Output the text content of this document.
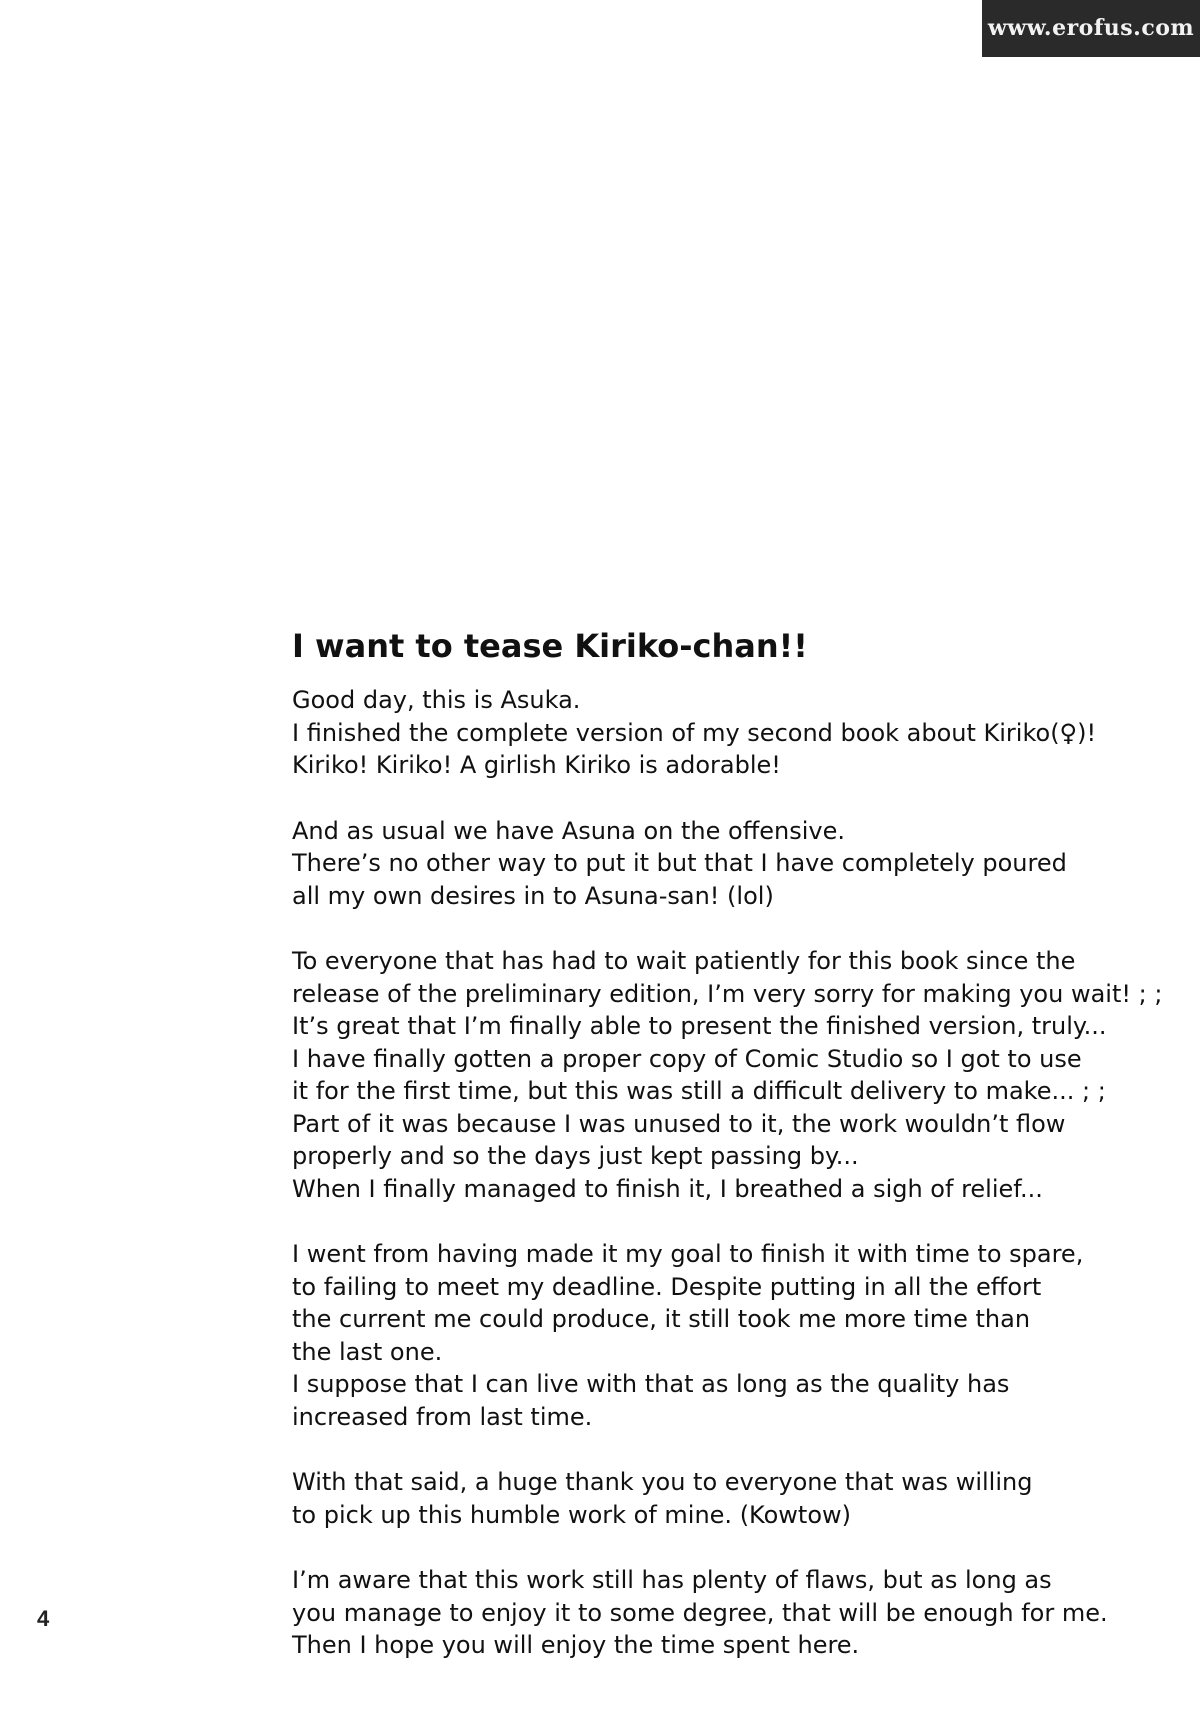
www.erofus.com
I want to tease Kiriko-chan!!
Good day, this is Asuka.
I finished the complete version of my second book about Kiriko(♀)!
Kiriko! Kiriko! A girlish Kiriko is adorable!
And as usual we have Asuna on the offensive.
There’s no other way to put it but that I have completely poured
all my own desires in to Asuna-san! (lol)
To everyone that has had to wait patiently for this book since the
release of the preliminary edition, I’m very sorry for making you wait! ; ;
It’s great that I’m finally able to present the finished version, truly...
I have finally gotten a proper copy of Comic Studio so I got to use
it for the first time, but this was still a difficult delivery to make... ; ;
Part of it was because I was unused to it, the work wouldn’t flow
properly and so the days just kept passing by...
When I finally managed to finish it, I breathed a sigh of relief...
I went from having made it my goal to finish it with time to spare,
to failing to meet my deadline. Despite putting in all the effort
the current me could produce, it still took me more time than
the last one.
I suppose that I can live with that as long as the quality has
increased from last time.
With that said, a huge thank you to everyone that was willing
to pick up this humble work of mine. (Kowtow)
I’m aware that this work still has plenty of flaws, but as long as
you manage to enjoy it to some degree, that will be enough for me.
Then I hope you will enjoy the time spent here.
4
